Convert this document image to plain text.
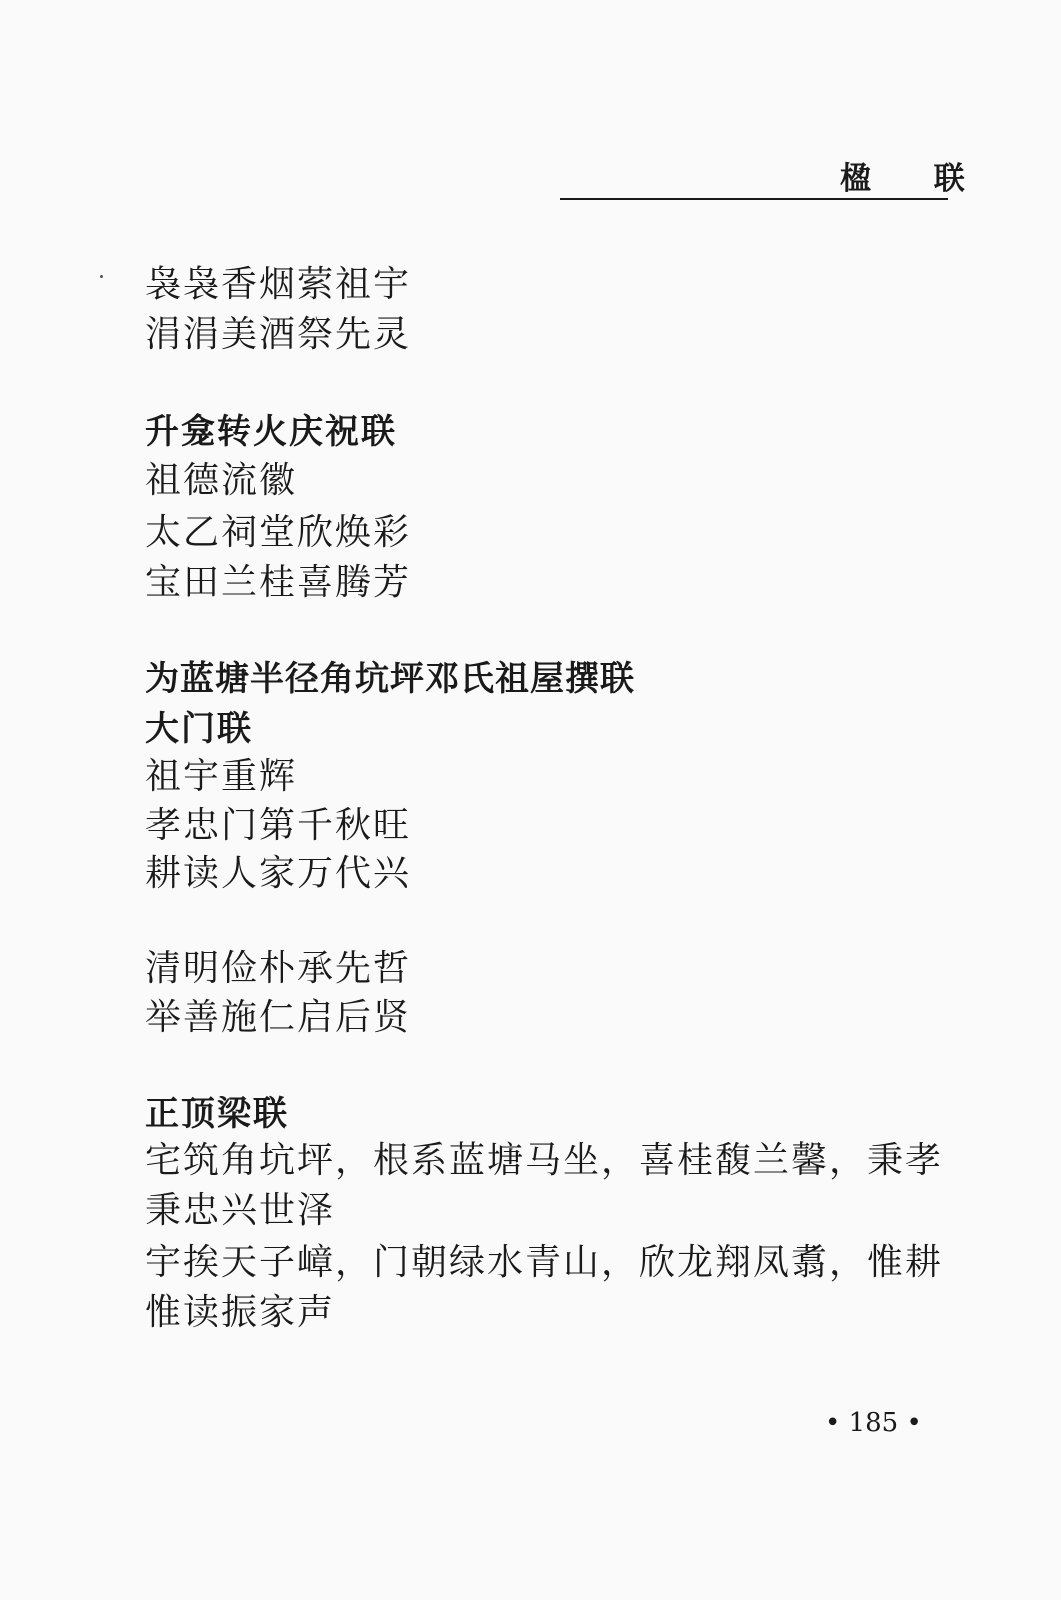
楹 联
袅袅香烟萦祖宇
涓涓美酒祭先灵
升龛转火庆祝联
祖德流徽
太乙祠堂欣焕彩
宝田兰桂喜腾芳
为蓝塘半径角坑坪邓氏祖屋撰联
大门联
祖宇重辉
孝忠门第千秋旺
耕读人家万代兴
清明俭朴承先哲
举善施仁启后贤
正顶梁联
宅筑角坑坪，根系蓝塘马坐，喜桂馥兰馨，秉孝
秉忠兴世泽
宇挨天子嶂，门朝绿水青山，欣龙翔凤翥，惟耕
惟读振家声
• 185 •
